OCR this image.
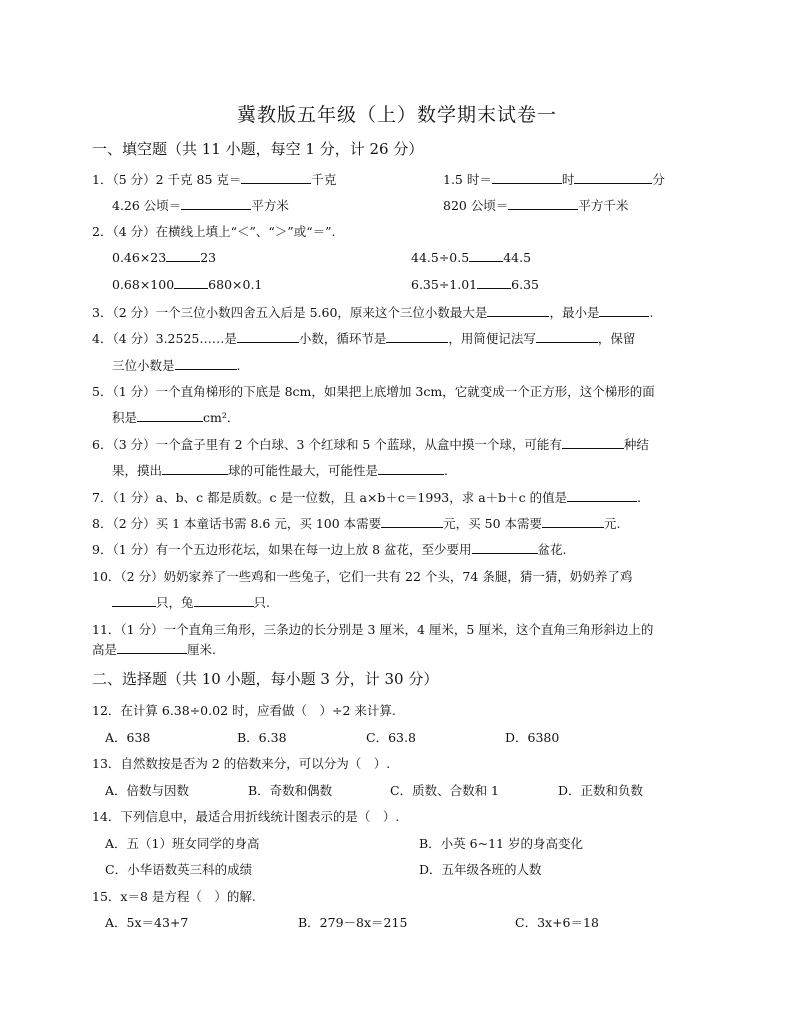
冀教版五年级（上）数学期末试卷一
一、填空题（共 11 小题，每空 1 分，计 26 分）
1．（5 分）2 千克 85 克＝	千克	1.5 时＝	时	分
4.26 公顷＝	平方米	820 公顷＝	平方千米
2．（4 分）在横线上填上“＜”、“＞”或“＝”.
0.46×23	23	44.5÷0.5	44.5
0.68×100	680×0.1	6.35÷1.01	6.35
3．（2 分）一个三位小数四舍五入后是 5.60，原来这个三位小数最大是	，最小是	.
4．（4 分）3.2525……是	小数，循环节是	，用简便记法写	，保留
三位小数是	.
5．（1 分）一个直角梯形的下底是 8cm，如果把上底增加 3cm，它就变成一个正方形，这个梯形的面
积是	cm²．
6．（3 分）一个盒子里有 2 个白球、3 个红球和 5 个蓝球，从盒中摸一个球，可能有	种结
果，摸出	球的可能性最大，可能性是	.
7．（1 分）a、b、c 都是质数。c 是一位数，且 a×b＋c＝1993，求 a＋b＋c 的值是	.
8．（2 分）买 1 本童话书需 8.6 元，买 100 本需要	元，买 50 本需要	元.
9．（1 分）有一个五边形花坛，如果在每一边上放 8 盆花，至少要用	盆花.
10．（2 分）奶奶家养了一些鸡和一些兔子，它们一共有 22 个头，74 条腿，猜一猜，奶奶养了鸡
只，兔	只.
11．（1 分）一个直角三角形，三条边的长分别是 3 厘米，4 厘米，5 厘米，这个直角三角形斜边上的
高是	厘米.
二、选择题（共 10 小题，每小题 3 分，计 30 分）
12．在计算 6.38÷0.02 时，应看做（　）÷2 来计算.
A．638	B．6.38	C．63.8	D．6380
13．自然数按是否为 2 的倍数来分，可以分为（　）.
A．倍数与因数	B．奇数和偶数	C．质数、合数和 1	D．正数和负数
14．下列信息中，最适合用折线统计图表示的是（　）.
A．五（1）班女同学的身高	B．小英 6~11 岁的身高变化
C．小华语数英三科的成绩	D．五年级各班的人数
15．x＝8 是方程（　）的解.
A．5x＝43+7	B．279－8x＝215	C．3x+6＝18
